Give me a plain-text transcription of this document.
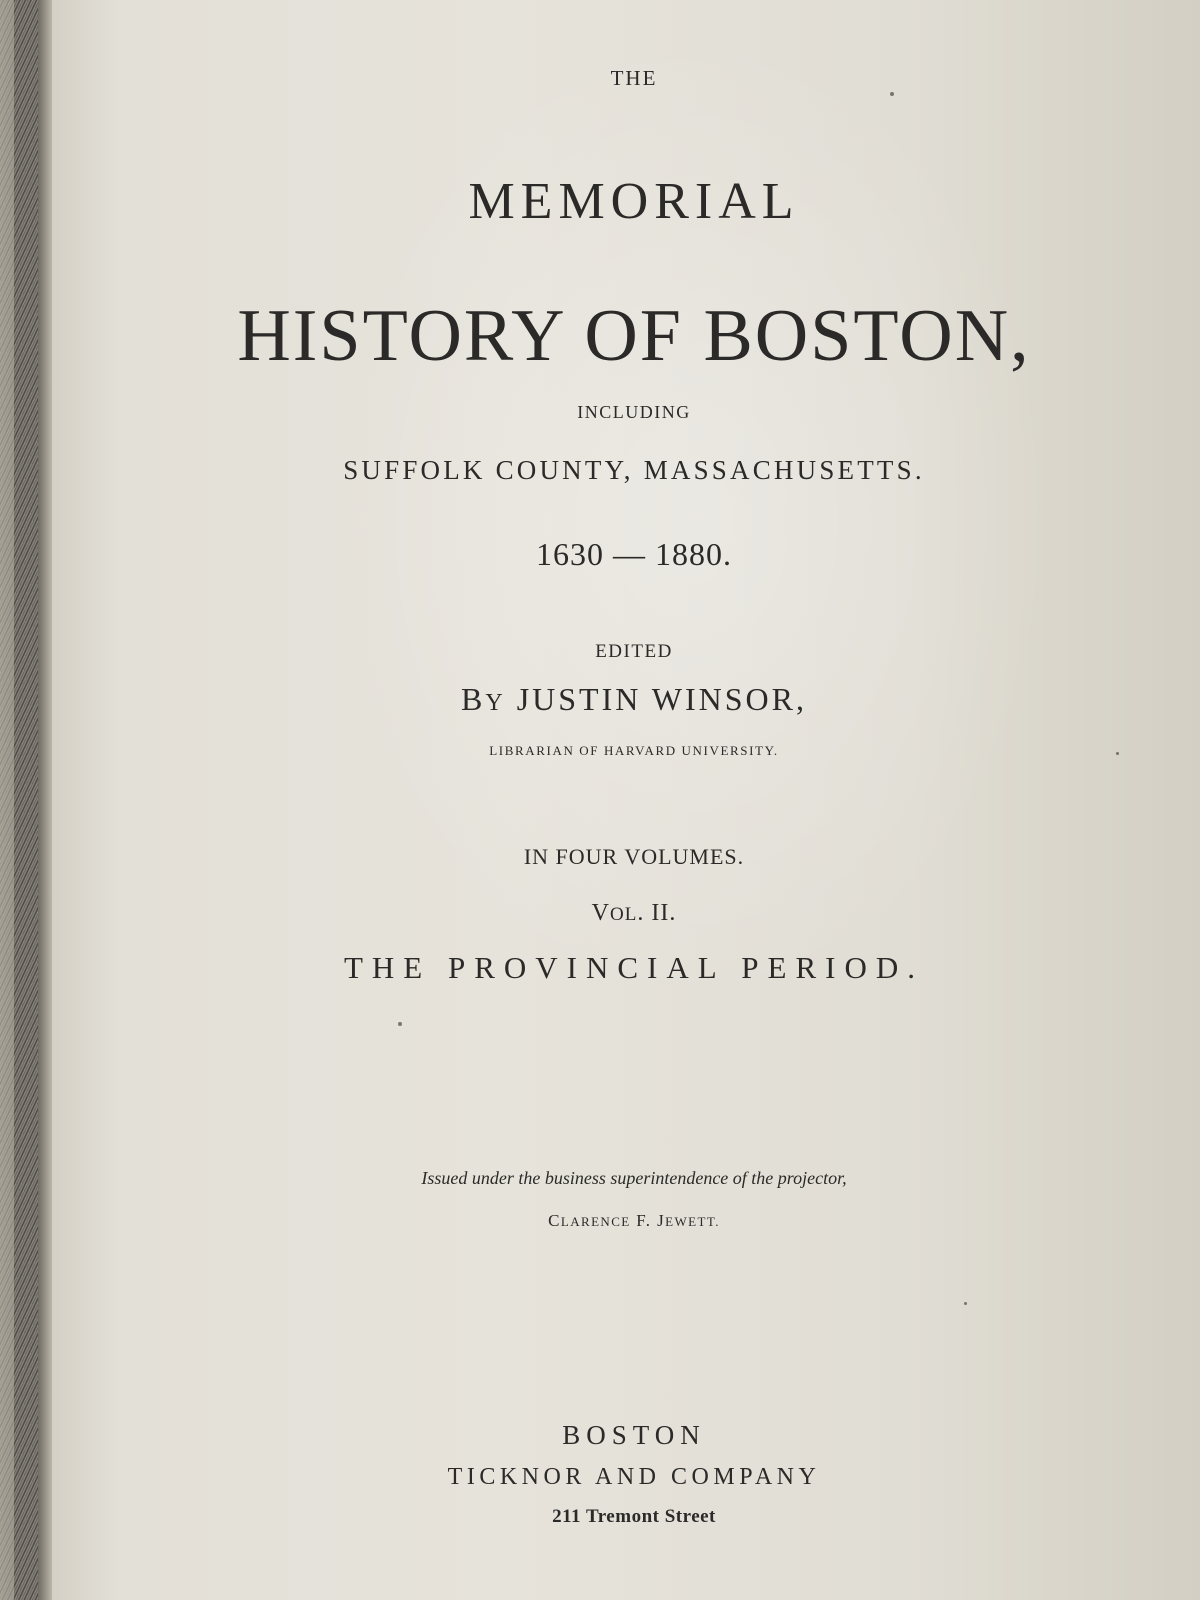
THE
MEMORIAL
HISTORY OF BOSTON,
INCLUDING
SUFFOLK COUNTY, MASSACHUSETTS.
1630 — 1880.
EDITED
BY JUSTIN WINSOR,
LIBRARIAN OF HARVARD UNIVERSITY.
IN FOUR VOLUMES.
VOL. II.
THE PROVINCIAL PERIOD.
Issued under the business superintendence of the projector,
CLARENCE F. JEWETT.
BOSTON
TICKNOR AND COMPANY
211 Tremont Street
